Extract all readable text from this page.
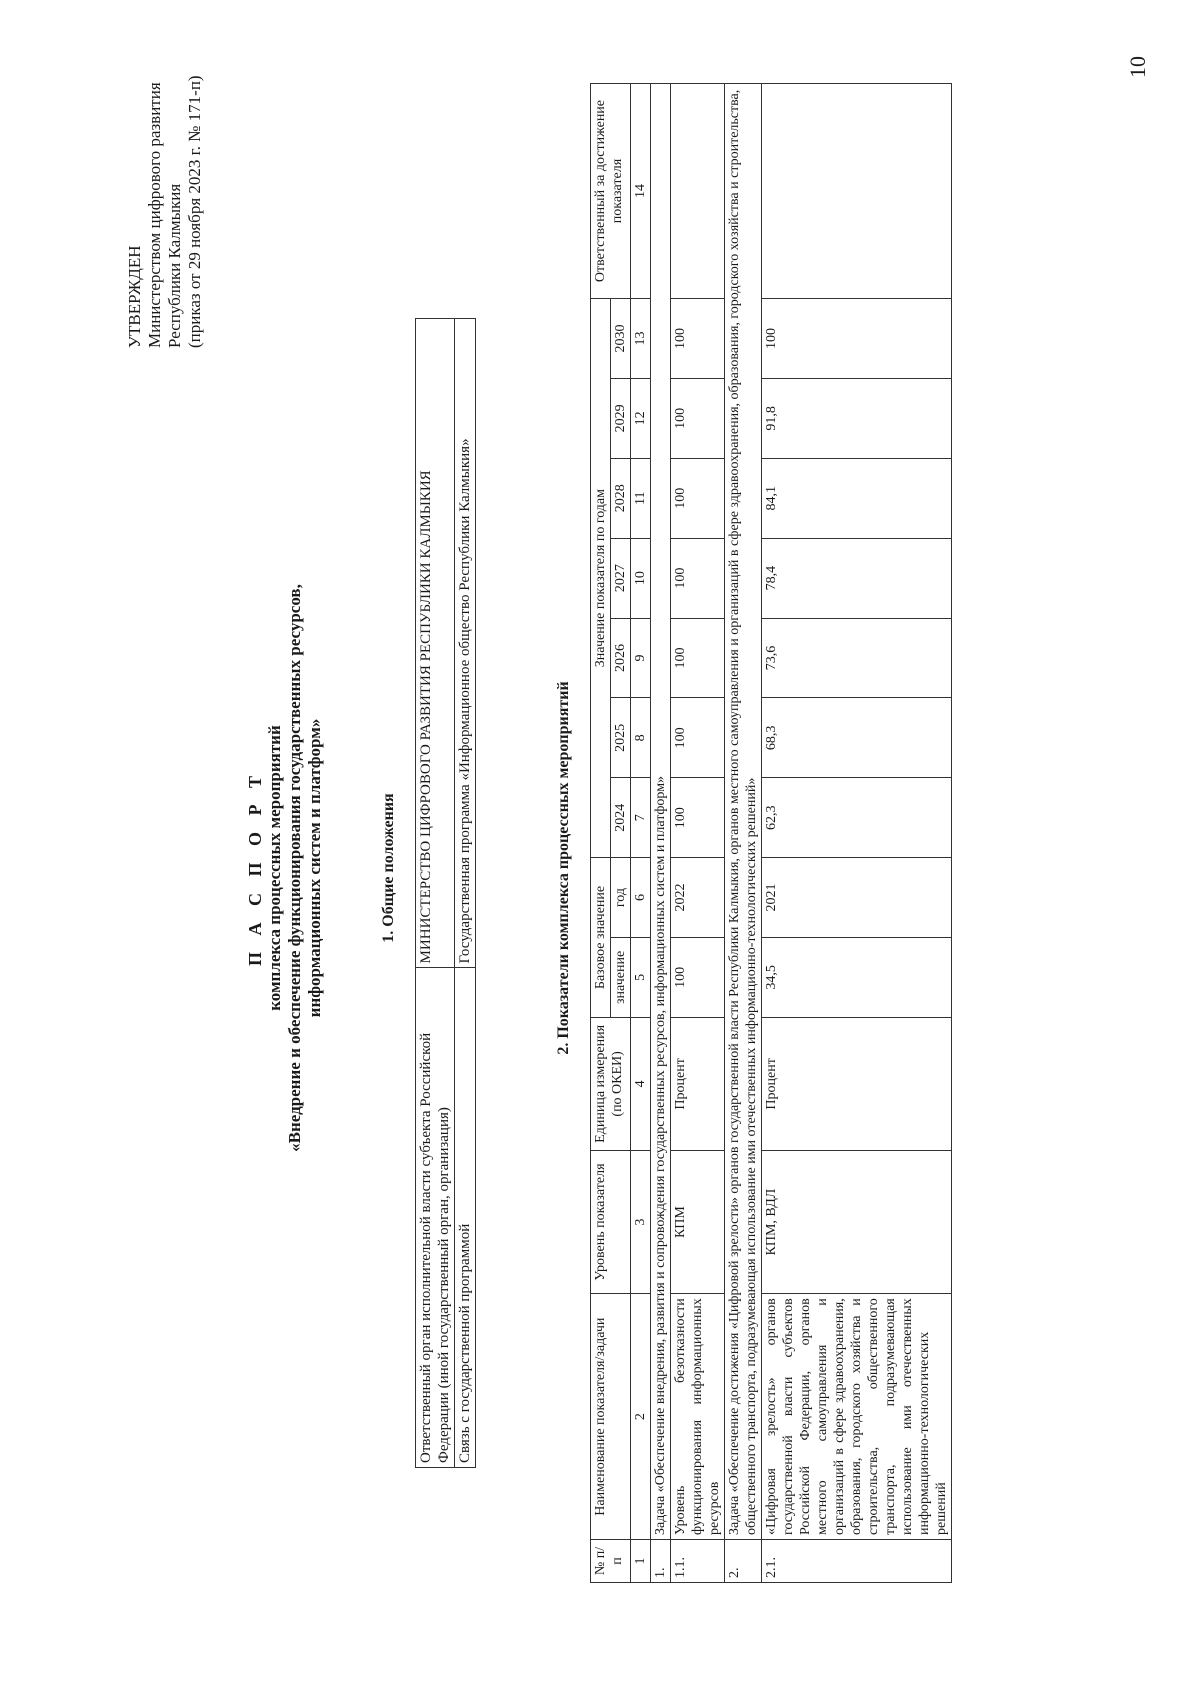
10
УТВЕРЖДЕН Министерством цифрового развития Республики Калмыкия (приказ от 29 ноября 2023 г. № 171-п)
П А С П О Р Т комплекса процессных мероприятий «Внедрение и обеспечение функционирования государственных ресурсов, информационных систем и платформ»	1. Общие положения
Ответственный орган исполнительной власти субъекта Российской Федерации (иной государственный орган, организация)	МИНИСТЕРСТВО ЦИФРОВОГО РАЗВИТИЯ РЕСПУБЛИКИ КАЛМЫКИЯ
Связь с государственной программой	Государственная программа «Информационное общество Республики Калмыкия»	2. Показатели комплекса процессных мероприятий
№ п/п	Наименование показателя/задачи	Уровень показателя	Единица измерения (по ОКЕИ)	Базовое значение		Значение показателя по годам							Ответственный за достижение показателя
				значение	год	2024	2025	2026	2027	2028	2029	2030	
1	2	3	4	5	6	7	8	9	10	11	12	13	14
1.	Задача «Обеспечение внедрения, развития и сопровождения государственных ресурсов, информационных систем и платформ»												
1.1.	Уровень безотказности функционирования информационных ресурсов	КПМ	Процент	100	2022	100	100	100	100	100	100	100	
2.	Задача «Обеспечение достижения «Цифровой зрелости» органов государственной власти Республики Калмыкия, органов местного самоуправления и организаций в сфере здравоохранения, образования, городского хозяйства и строительства, общественного транспорта, подразумевающая использование ими отечественных информационно-технологических решений»												
2.1.	«Цифровая зрелость» органов государственной власти субъектов Российской Федерации, органов местного самоуправления и организаций в сфере здравоохранения, образования, городского хозяйства и строительства, общественного транспорта, подразумевающая использование ими отечественных информационно-технологических решений	КПМ, ВДЛ	Процент	34,5	2021	62,3	68,3	73,6	78,4	84,1	91,8	100	
